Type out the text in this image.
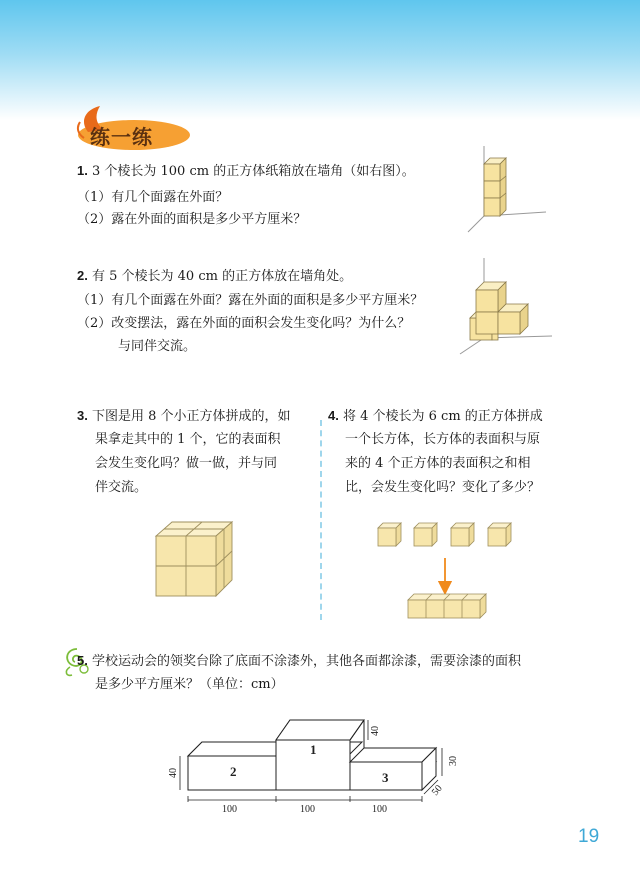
练一练
1. 3 个棱长为 100 cm 的正方体纸箱放在墙角（如右图）。
（1）有几个面露在外面？
（2）露在外面的面积是多少平方厘米？
2. 有 5 个棱长为 40 cm 的正方体放在墙角处。
（1）有几个面露在外面？露在外面的面积是多少平方厘米？
（2）改变摆法，露在外面的面积会发生变化吗？为什么？
与同伴交流。
3. 下图是用 8 个小正方体拼成的，如
果拿走其中的 1 个，它的表面积
会发生变化吗？做一做，并与同
伴交流。
4. 将 4 个棱长为 6 cm 的正方体拼成
一个长方体，长方体的表面积与原
来的 4 个正方体的表面积之和相
比，会发生变化吗？变化了多少？
5. 学校运动会的领奖台除了底面不涂漆外，其他各面都涂漆，需要涂漆的面积
是多少平方厘米？（单位：cm）
1
2	3
40
40
30
50
100	100	100
19
